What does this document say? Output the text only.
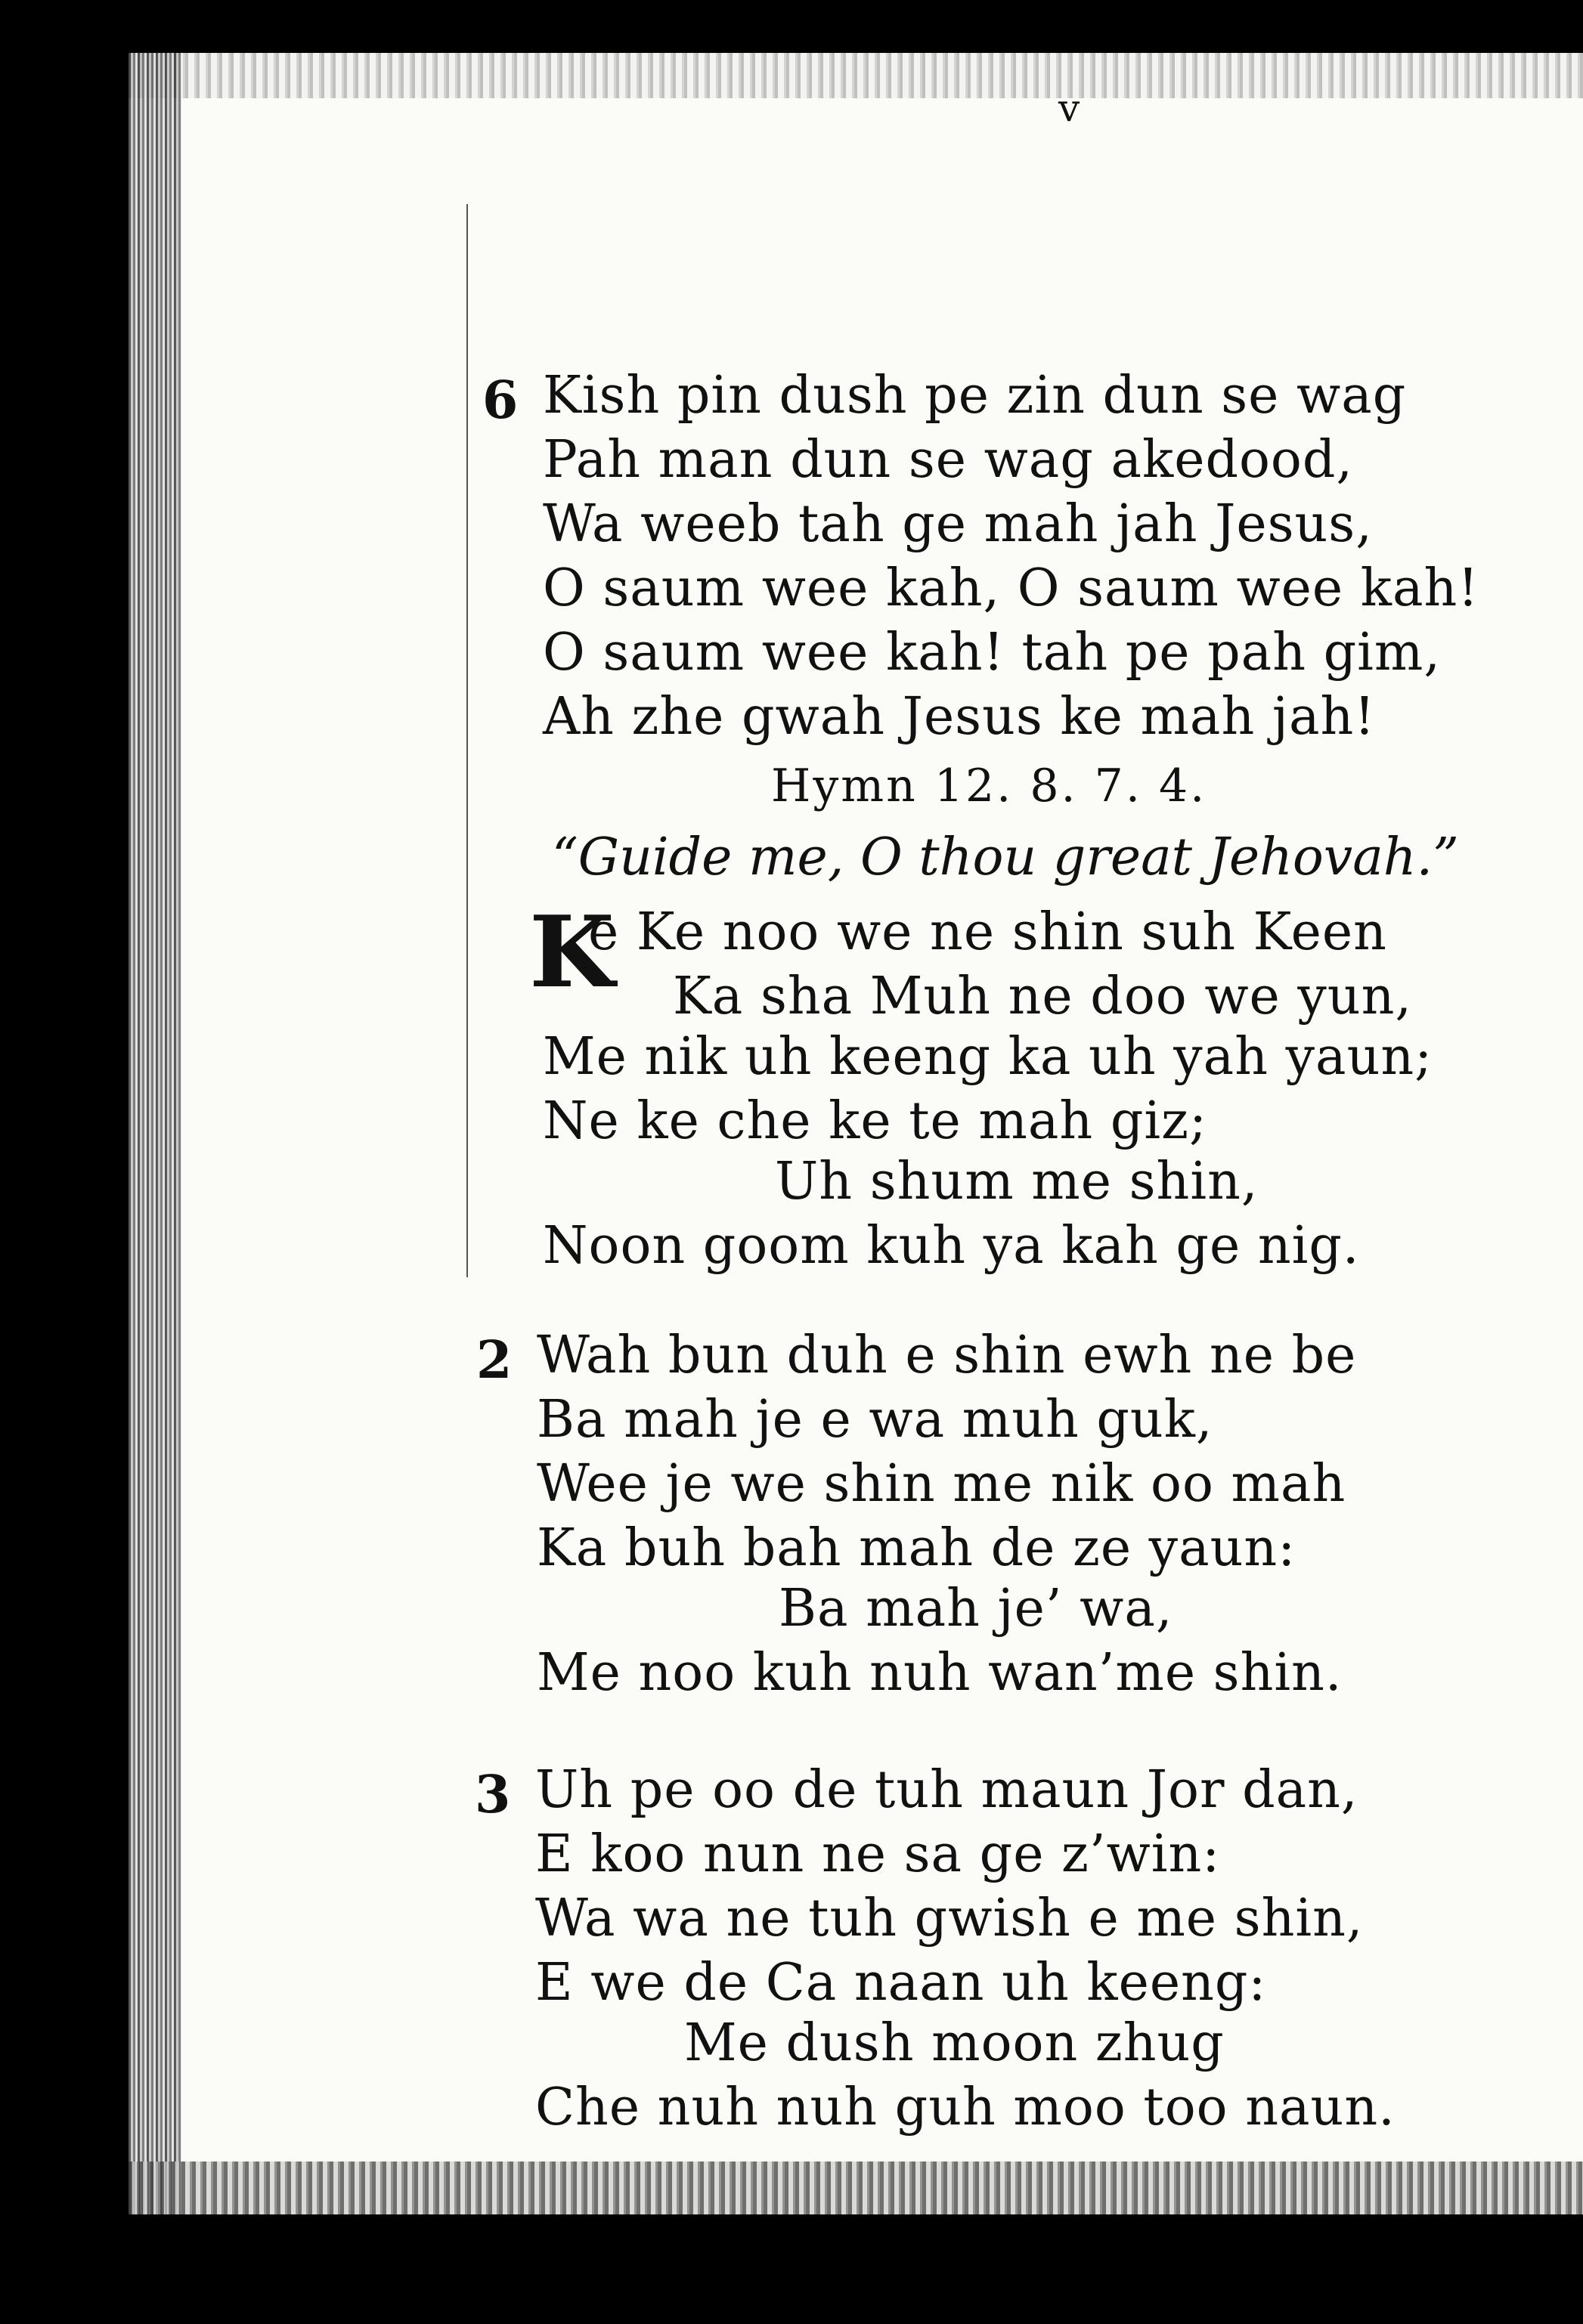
v
6 Kish pin dush pe zin dun se wag
Pah man dun se wag akedood,
Wa weeb tah ge mah jah Jesus,
O saum wee kah, O saum wee kah!
O saum wee kah! tah pe pah gim,
Ah zhe gwah Jesus ke mah jah!
Hymn 12. 8. 7. 4.
“Guide me, O thou great Jehovah.”
K
e Ke noo we ne shin suh Keen
Ka sha Muh ne doo we yun,
Me nik uh keeng ka uh yah yaun;
Ne ke che ke te mah giz;
Uh shum me shin,
Noon goom kuh ya kah ge nig.
2 Wah bun duh e shin ewh ne be
Ba mah je e wa muh guk,
Wee je we shin me nik oo mah
Ka buh bah mah de ze yaun:
Ba mah je’ wa,
Me noo kuh nuh wan’me shin.
3 Uh pe oo de tuh maun Jor dan,
E koo nun ne sa ge z’win:
Wa wa ne tuh gwish e me shin,
E we de Ca naan uh keeng:
Me dush moon zhug
Che nuh nuh guh moo too naun.
